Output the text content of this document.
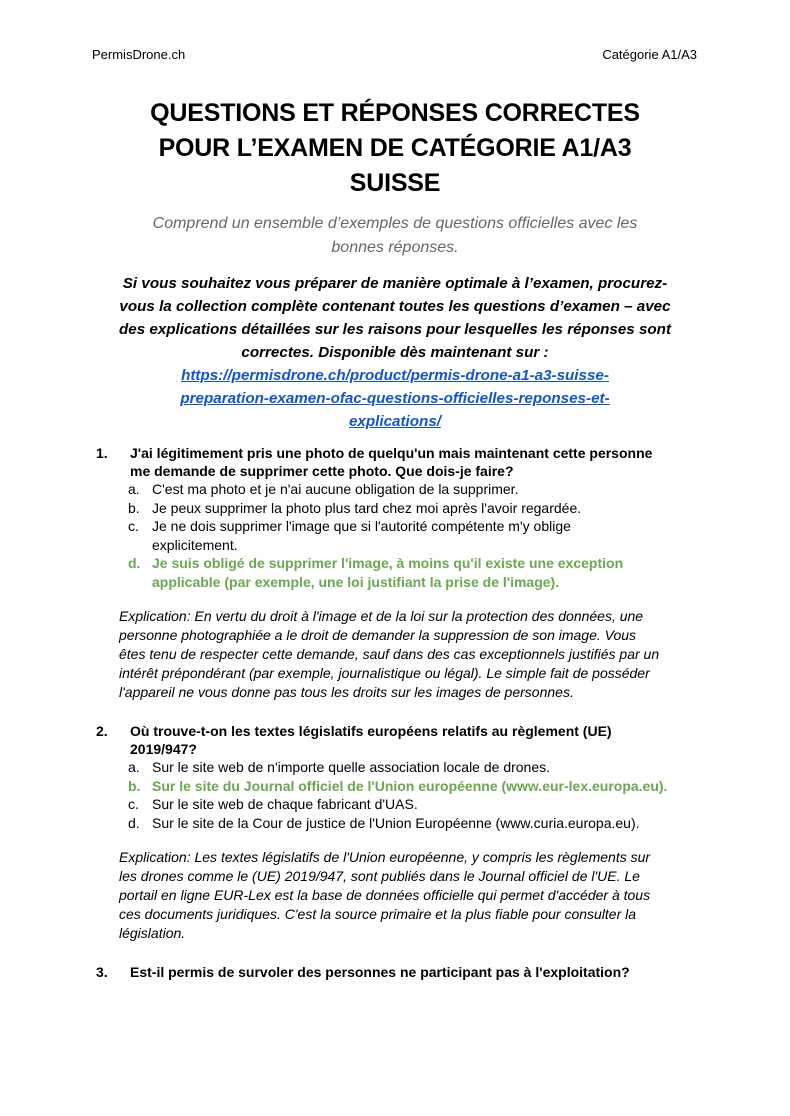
PermisDrone.ch	Catégorie A1/A3
QUESTIONS ET RÉPONSES CORRECTES
POUR L’EXAMEN DE CATÉGORIE A1/A3
SUISSE
Comprend un ensemble d’exemples de questions officielles avec les
bonnes réponses.
Si vous souhaitez vous préparer de manière optimale à l’examen, procurez-
vous la collection complète contenant toutes les questions d’examen – avec
des explications détaillées sur les raisons pour lesquelles les réponses sont
correctes. Disponible dès maintenant sur :
https://permisdrone.ch/product/permis-drone-a1-a3-suisse-
preparation-examen-ofac-questions-officielles-reponses-et-
explications/
1. J'ai légitimement pris une photo de quelqu'un mais maintenant cette personne
me demande de supprimer cette photo. Que dois-je faire?
a. C'est ma photo et je n'ai aucune obligation de la supprimer.
b. Je peux supprimer la photo plus tard chez moi après l'avoir regardée.
c. Je ne dois supprimer l'image que si l'autorité compétente m'y oblige
explicitement.
d. Je suis obligé de supprimer l'image, à moins qu'il existe une exception
applicable (par exemple, une loi justifiant la prise de l'image).
Explication: En vertu du droit à l'image et de la loi sur la protection des données, une
personne photographiée a le droit de demander la suppression de son image. Vous
êtes tenu de respecter cette demande, sauf dans des cas exceptionnels justifiés par un
intérêt prépondérant (par exemple, journalistique ou légal). Le simple fait de posséder
l'appareil ne vous donne pas tous les droits sur les images de personnes.
2. Où trouve-t-on les textes législatifs européens relatifs au règlement (UE)
2019/947?
a. Sur le site web de n'importe quelle association locale de drones.
b. Sur le site du Journal officiel de l'Union européenne (www.eur-lex.europa.eu).
c. Sur le site web de chaque fabricant d'UAS.
d. Sur le site de la Cour de justice de l'Union Européenne (www.curia.europa.eu).
Explication: Les textes législatifs de l'Union européenne, y compris les règlements sur
les drones comme le (UE) 2019/947, sont publiés dans le Journal officiel de l'UE. Le
portail en ligne EUR-Lex est la base de données officielle qui permet d'accéder à tous
ces documents juridiques. C'est la source primaire et la plus fiable pour consulter la
législation.
3. Est-il permis de survoler des personnes ne participant pas à l'exploitation?
